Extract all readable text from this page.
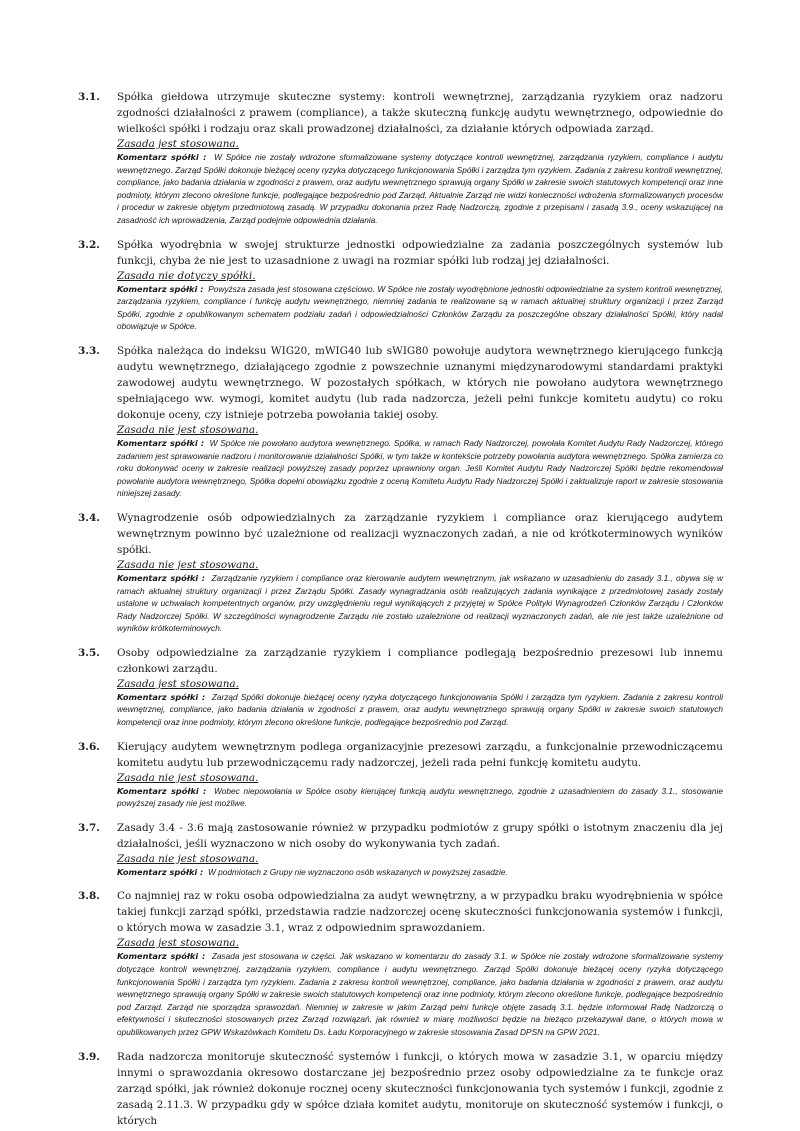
3.1. Spółka giełdowa utrzymuje skuteczne systemy: kontroli wewnętrznej, zarządzania ryzykiem oraz nadzoru zgodności działalności z prawem (compliance), a także skuteczną funkcję audytu wewnętrznego, odpowiednie do wielkości spółki i rodzaju oraz skali prowadzonej działalności, za działanie których odpowiada zarząd.
Zasada jest stosowana.
Komentarz spółki : W Spółce nie zostały wdrożone sformalizowane systemy dotyczące kontroli wewnętrznej, zarządzania ryzykiem, compliance i audytu wewnętrznego. Zarząd Spółki dokonuje bieżącej oceny ryzyka dotyczącego funkcjonowania Spółki i zarządza tym ryzykiem. Zadania z zakresu kontroli wewnętrznej, compliance, jako badania działania w zgodności z prawem, oraz audytu wewnętrznego sprawują organy Spółki w zakresie swoich statutowych kompetencji oraz inne podmioty, którym zlecono określone funkcje, podlegające bezpośrednio pod Zarząd. Aktualnie Zarząd nie widzi konieczności wdrożenia sformalizowanych procesów i procedur w zakresie objętym przedmiotową zasadą. W przypadku dokonania przez Radę Nadzorczą, zgodnie z przepisami i zasadą 3.9., oceny wskazującej na zasadność ich wprowadzenia, Zarząd podejmie odpowiednia działania.
3.2. Spółka wyodrębnia w swojej strukturze jednostki odpowiedzialne za zadania poszczególnych systemów lub funkcji, chyba że nie jest to uzasadnione z uwagi na rozmiar spółki lub rodzaj jej działalności.
Zasada nie dotyczy spółki.
Komentarz spółki : Powyższa zasada jest stosowana częściowo. W Spółce nie zostały wyodrębnione jednostki odpowiedzialne za system kontroli wewnętrznej, zarządzania ryzykiem, compliance i funkcję audytu wewnętrznego, niemniej zadania te realizowane są w ramach aktualnej struktury organizacji i przez Zarząd Spółki, zgodnie z opublikowanym schematem podziału zadań i odpowiedzialności Członków Zarządu za poszczególne obszary działalności Spółki, który nadal obowiązuje w Spółce.
3.3. Spółka należąca do indeksu WIG20, mWIG40 lub sWIG80 powołuje audytora wewnętrznego kierującego funkcją audytu wewnętrznego, działającego zgodnie z powszechnie uznanymi międzynarodowymi standardami praktyki zawodowej audytu wewnętrznego. W pozostałych spółkach, w których nie powołano audytora wewnętrznego spełniającego ww. wymogi, komitet audytu (lub rada nadzorcza, jeżeli pełni funkcje komitetu audytu) co roku dokonuje oceny, czy istnieje potrzeba powołania takiej osoby.
Zasada nie jest stosowana.
Komentarz spółki : W Spółce nie powołano audytora wewnętrznego. Spółka, w ramach Rady Nadzorczej, powołała Komitet Audytu Rady Nadzorczej, którego zadaniem jest sprawowanie nadzoru i monitorowanie działalności Spółki, w tym także w kontekście potrzeby powołania audytora wewnętrznego. Spółka zamierza co roku dokonywać oceny w zakresie realizacji powyższej zasady poprzez uprawniony organ. Jeśli Komitet Audytu Rady Nadzorczej Spółki będzie rekomendował powołanie audytora wewnętrznego, Spółka dopełni obowiązku zgodnie z oceną Komitetu Audytu Rady Nadzorczej Spółki i zaktualizuje raport w zakresie stosowania niniejszej zasady.
3.4. Wynagrodzenie osób odpowiedzialnych za zarządzanie ryzykiem i compliance oraz kierującego audytem wewnętrznym powinno być uzależnione od realizacji wyznaczonych zadań, a nie od krótkoterminowych wyników spółki.
Zasada nie jest stosowana.
Komentarz spółki : Zarządzanie ryzykiem i compliance oraz kierowanie audytem wewnętrznym, jak wskazano w uzasadnieniu do zasady 3.1., obywa się w ramach aktualnej struktury organizacji i przez Zarządu Spółki. Zasady wynagradzania osób realizujących zadania wynikające z przedmiotowej zasady zostały ustalone w uchwałach kompetentnych organów, przy uwzględnieniu reguł wynikających z przyjętej w Spółce Polityki Wynagrodzeń Członków Zarządu i Członków Rady Nadzorczej Spółki. W szczególności wynagrodzenie Zarządu nie zostało uzależnione od realizacji wyznaczonych zadań, ale nie jest także uzależnione od wyników krótkoterminowych.
3.5. Osoby odpowiedzialne za zarządzanie ryzykiem i compliance podlegają bezpośrednio prezesowi lub innemu członkowi zarządu.
Zasada jest stosowana.
Komentarz spółki : Zarząd Spółki dokonuje bieżącej oceny ryzyka dotyczącego funkcjonowania Spółki i zarządza tym ryzykiem. Zadania z zakresu kontroli wewnętrznej, compliance, jako badania działania w zgodności z prawem, oraz audytu wewnętrznego sprawują organy Spółki w zakresie swoich statutowych kompetencji oraz inne podmioty, którym zlecono określone funkcje, podlegające bezpośrednio pod Zarząd.
3.6. Kierujący audytem wewnętrznym podlega organizacyjnie prezesowi zarządu, a funkcjonalnie przewodniczącemu komitetu audytu lub przewodniczącemu rady nadzorczej, jeżeli rada pełni funkcję komitetu audytu.
Zasada nie jest stosowana.
Komentarz spółki : Wobec niepowołania w Spółce osoby kierującej funkcją audytu wewnętrznego, zgodnie z uzasadnieniem do zasady 3.1., stosowanie powyższej zasady nie jest możliwe.
3.7. Zasady 3.4 - 3.6 mają zastosowanie również w przypadku podmiotów z grupy spółki o istotnym znaczeniu dla jej działalności, jeśli wyznaczono w nich osoby do wykonywania tych zadań.
Zasada nie jest stosowana.
Komentarz spółki : W podmiotach z Grupy nie wyznaczono osób wskazanych w powyższej zasadzie.
3.8. Co najmniej raz w roku osoba odpowiedzialna za audyt wewnętrzny, a w przypadku braku wyodrębnienia w spółce takiej funkcji zarząd spółki, przedstawia radzie nadzorczej ocenę skuteczności funkcjonowania systemów i funkcji, o których mowa w zasadzie 3.1, wraz z odpowiednim sprawozdaniem.
Zasada jest stosowana.
Komentarz spółki : Zasada jest stosowana w części. Jak wskazano w komentarzu do zasady 3.1. w Spółce nie zostały wdrożone sformalizowane systemy dotyczące kontroli wewnętrznej, zarządzania ryzykiem, compliance i audytu wewnętrznego. Zarząd Spółki dokonuje bieżącej oceny ryzyka dotyczącego funkcjonowania Spółki i zarządza tym ryzykiem. Zadania z zakresu kontroli wewnętrznej, compliance, jako badania działania w zgodności z prawem, oraz audytu wewnętrznego sprawują organy Spółki w zakresie swoich statutowych kompetencji oraz inne podmioty, którym zlecono określone funkcje, podlegające bezpośrednio pod Zarząd. Zarząd nie sporządza sprawozdań. Niemniej w zakresie w jakim Zarząd pełni funkcje objęte zasadą 3.1. będzie informował Radę Nadzorczą o efektywności i skuteczności stosowanych przez Zarząd rozwiązań, jak również w miarę możliwości będzie na bieżąco przekazywał dane, o których mowa w opublikowanych przez GPW Wskazówkach Komitetu Ds. Ładu Korporacyjnego w zakresie stosowania Zasad DPSN na GPW 2021.
3.9. Rada nadzorcza monitoruje skuteczność systemów i funkcji, o których mowa w zasadzie 3.1, w oparciu między innymi o sprawozdania okresowo dostarczane jej bezpośrednio przez osoby odpowiedzialne za te funkcje oraz zarząd spółki, jak również dokonuje rocznej oceny skuteczności funkcjonowania tych systemów i funkcji, zgodnie z zasadą 2.11.3. W przypadku gdy w spółce działa komitet audytu, monitoruje on skuteczność systemów i funkcji, o których
